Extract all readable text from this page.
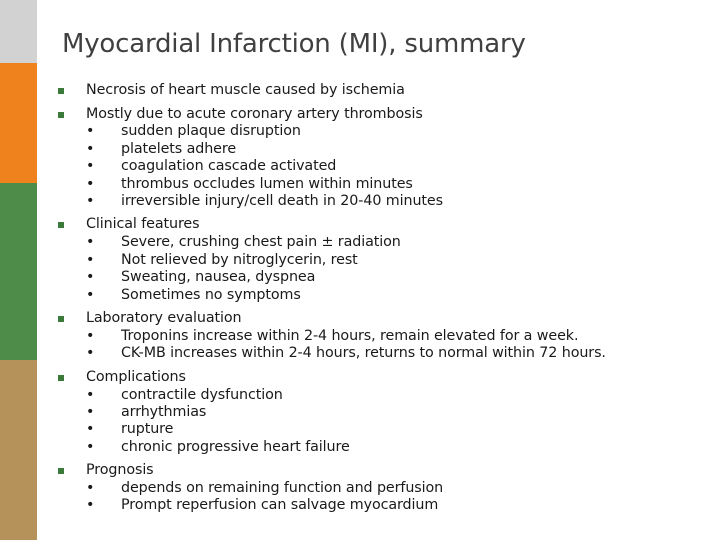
Myocardial Infarction (MI), summary
Necrosis of heart muscle caused by ischemia
Mostly due to acute coronary artery thrombosis
• sudden plaque disruption
• platelets adhere
• coagulation cascade activated
• thrombus occludes lumen within minutes
• irreversible injury/cell death in 20-40 minutes
Clinical features
• Severe, crushing chest pain ± radiation
• Not relieved by nitroglycerin, rest
• Sweating, nausea, dyspnea
• Sometimes no symptoms
Laboratory evaluation
• Troponins increase within 2-4 hours, remain elevated for a week.
• CK-MB increases within 2-4 hours, returns to normal within 72 hours.
Complications
• contractile dysfunction
• arrhythmias
• rupture
• chronic progressive heart failure
Prognosis
• depends on remaining function and perfusion
• Prompt reperfusion can salvage myocardium
